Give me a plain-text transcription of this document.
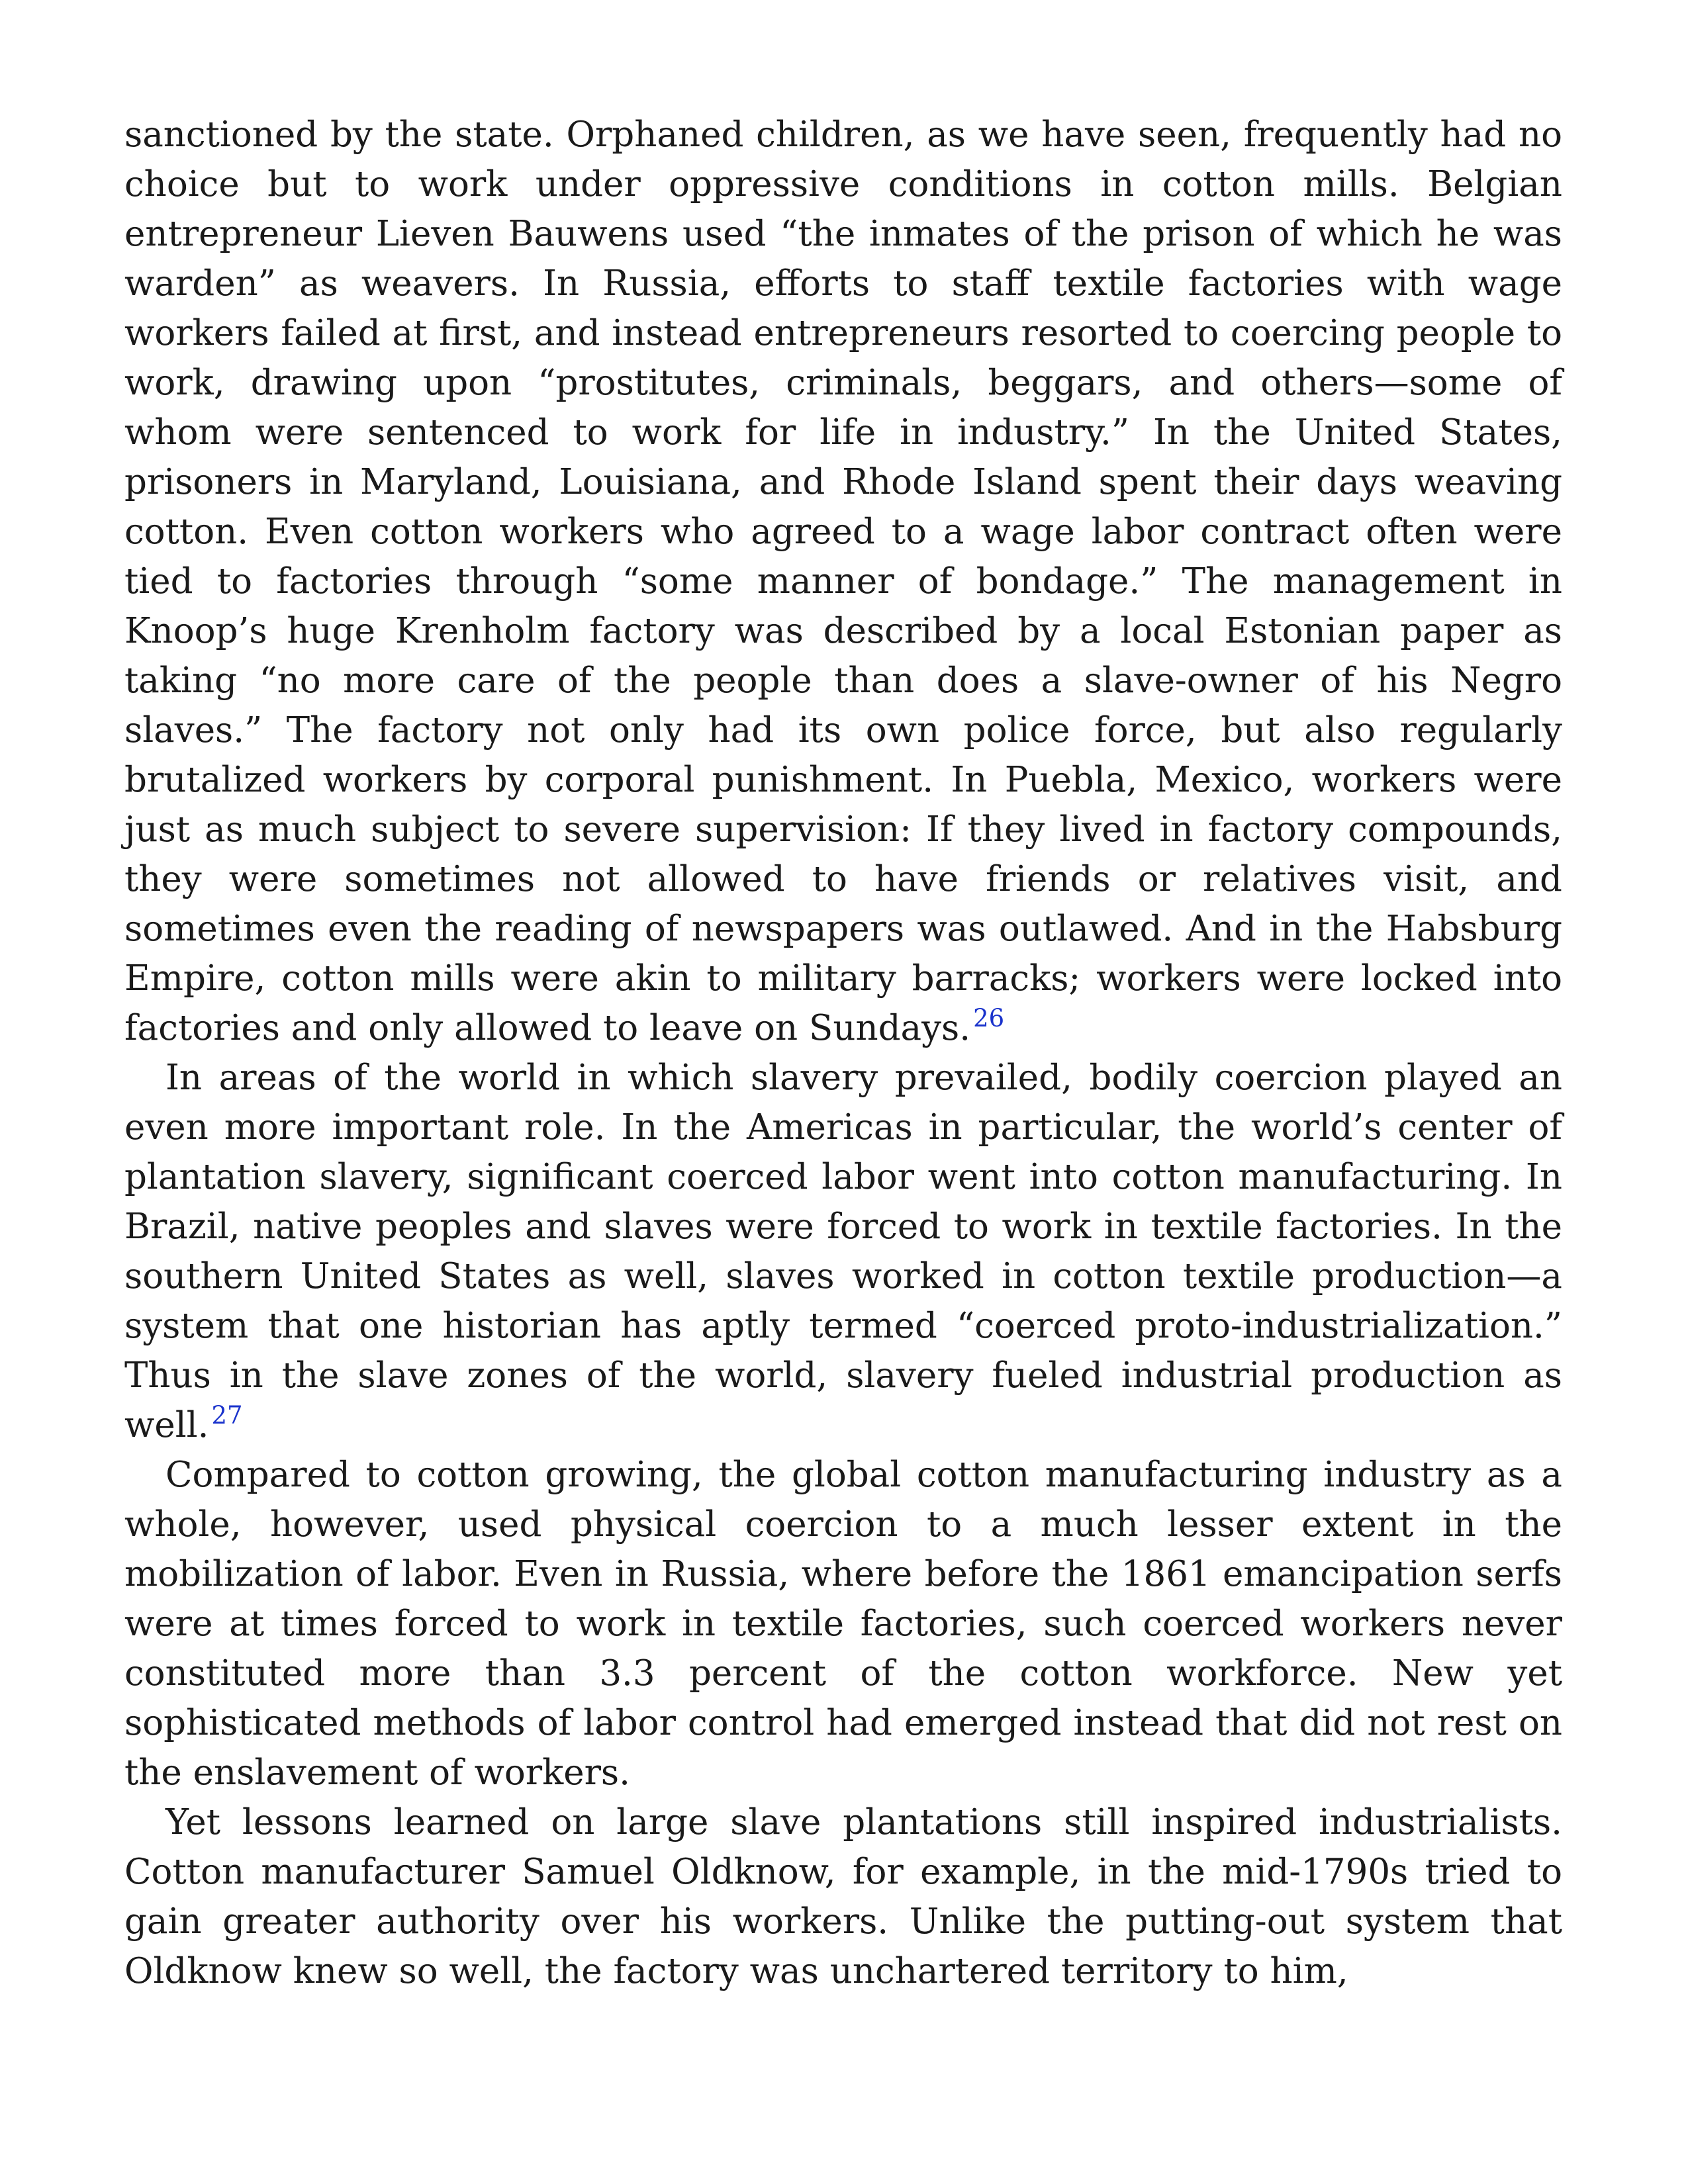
sanctioned by the state. Orphaned children, as we have seen, frequently had no choice but to work under oppressive conditions in cotton mills. Belgian entrepreneur Lieven Bauwens used “the inmates of the prison of which he was warden” as weavers. In Russia, efforts to staff textile factories with wage workers failed at first, and instead entrepreneurs resorted to coercing people to work, drawing upon “prostitutes, criminals, beggars, and others—some of whom were sentenced to work for life in industry.” In the United States, prisoners in Maryland, Louisiana, and Rhode Island spent their days weaving cotton. Even cotton workers who agreed to a wage labor contract often were tied to factories through “some manner of bondage.” The management in Knoop’s huge Krenholm factory was described by a local Estonian paper as taking “no more care of the people than does a slave-owner of his Negro slaves.” The factory not only had its own police force, but also regularly brutalized workers by corporal punishment. In Puebla, Mexico, workers were just as much subject to severe supervision: If they lived in factory compounds, they were sometimes not allowed to have friends or relatives visit, and sometimes even the reading of newspapers was outlawed. And in the Habsburg Empire, cotton mills were akin to military barracks; workers were locked into factories and only allowed to leave on Sundays. $^{26}$

In areas of the world in which slavery prevailed, bodily coercion played an even more important role. In the Americas in particular, the world’s center of plantation slavery, significant coerced labor went into cotton manufacturing. In Brazil, native peoples and slaves were forced to work in textile factories. In the southern United States as well, slaves worked in cotton textile production—a system that one historian has aptly termed “coerced proto-industrialization.” Thus in the slave zones of the world, slavery fueled industrial production as well. $^{27}$

Compared to cotton growing, the global cotton manufacturing industry as a whole, however, used physical coercion to a much lesser extent in the mobilization of labor. Even in Russia, where before the 1861 emancipation serfs were at times forced to work in textile factories, such coerced workers never constituted more than 3.3 percent of the cotton workforce. New yet sophisticated methods of labor control had emerged instead that did not rest on the enslavement of workers.

Yet lessons learned on large slave plantations still inspired industrialists. Cotton manufacturer Samuel Oldknow, for example, in the mid-1790s tried to gain greater authority over his workers. Unlike the putting-out system that Oldknow knew so well, the factory was unchartered territory to him,
